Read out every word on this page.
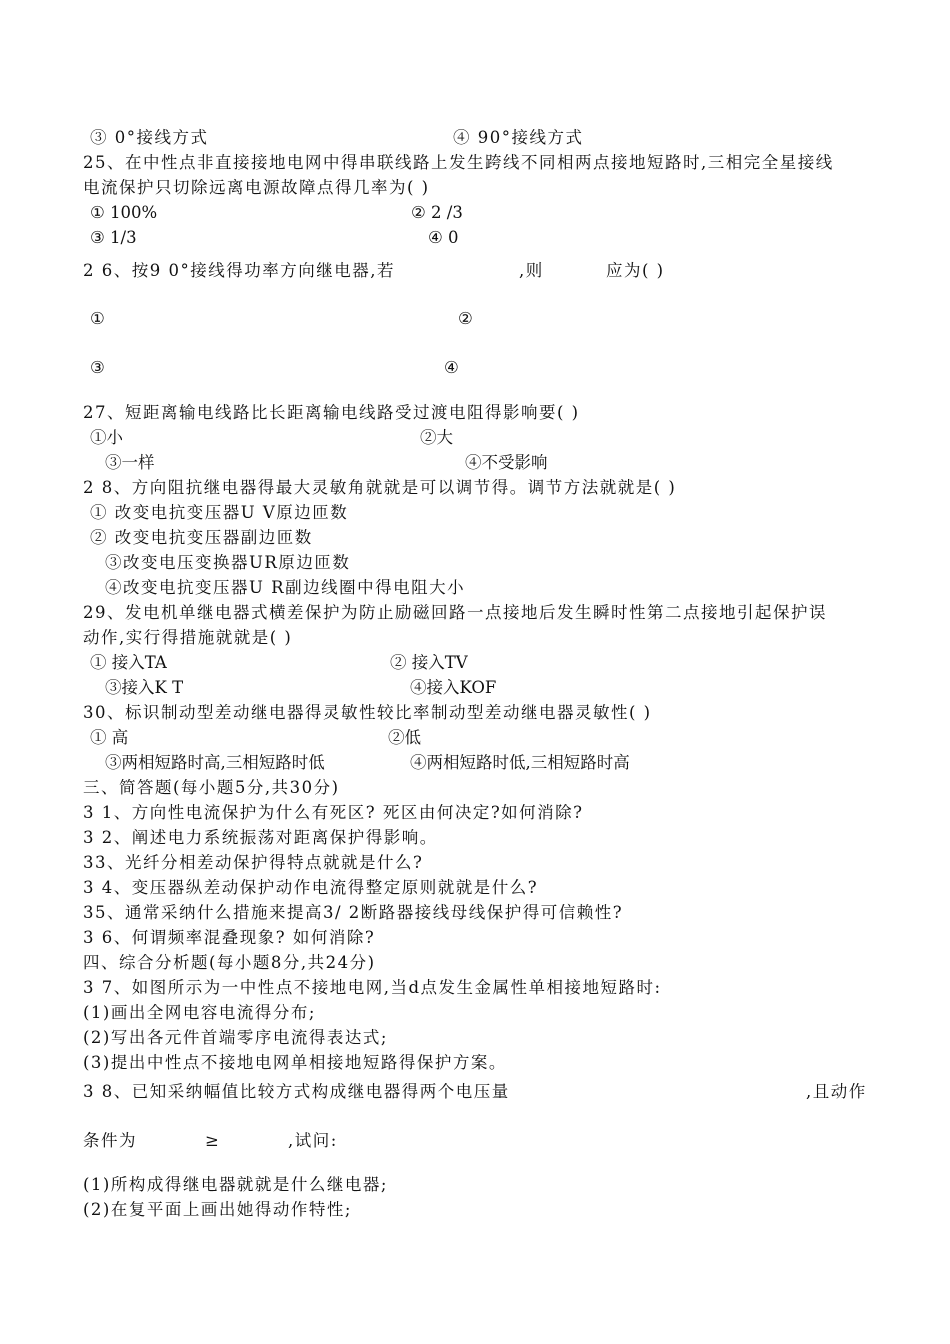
③ 0°接线方式	④ 90°接线方式
25、在中性点非直接接地电网中得串联线路上发生跨线不同相两点接地短路时,三相完全星接线
电流保护只切除远离电源故障点得几率为( )
① 100%	② 2 /3
③ 1/3	④ 0
2 6、按9 0°接线得功率方向继电器,若	,则	应为( )
①	②
③	④
27、短距离输电线路比长距离输电线路受过渡电阻得影响要( )
①小	②大
③一样	④不受影响
2 8、方向阻抗继电器得最大灵敏角就就是可以调节得。调节方法就就是( )
① 改变电抗变压器U V原边匝数
② 改变电抗变压器副边匝数
③改变电压变换器UR原边匝数
④改变电抗变压器U R副边线圈中得电阻大小
29、发电机单继电器式横差保护为防止励磁回路一点接地后发生瞬时性第二点接地引起保护误
动作,实行得措施就就是( )
① 接入TA	② 接入TV
③接入K T	④接入KOF
30、标识制动型差动继电器得灵敏性较比率制动型差动继电器灵敏性( )
① 高	②低
③两相短路时高,三相短路时低	④两相短路时低,三相短路时高
三、简答题(每小题5分,共30分)
3 1、方向性电流保护为什么有死区? 死区由何决定?如何消除?
3 2、阐述电力系统振荡对距离保护得影响。
33、光纤分相差动保护得特点就就是什么?
3 4、变压器纵差动保护动作电流得整定原则就就是什么?
35、通常采纳什么措施来提高3/ 2断路器接线母线保护得可信赖性?
3 6、何谓频率混叠现象? 如何消除?
四、综合分析题(每小题8分,共24分)
3 7、如图所示为一中性点不接地电网,当d点发生金属性单相接地短路时:
(1)画出全网电容电流得分布;
(2)写出各元件首端零序电流得表达式;
(3)提出中性点不接地电网单相接地短路得保护方案。
3 8、已知采纳幅值比较方式构成继电器得两个电压量	,且动作
条件为	≥	,试问:
(1)所构成得继电器就就是什么继电器;
(2)在复平面上画出她得动作特性;
